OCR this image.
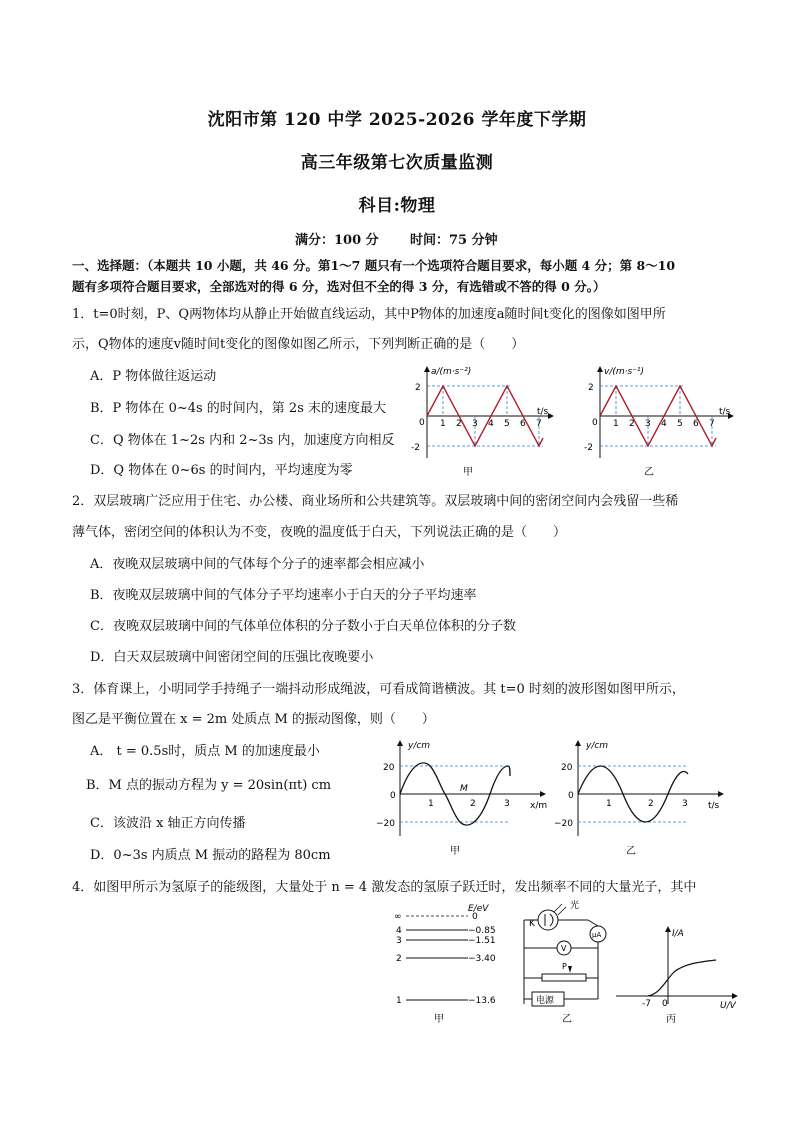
沈阳市第 120 中学 2025-2026 学年度下学期
高三年级第七次质量监测
科目:物理
满分：100 分 时间：75 分钟
一、选择题：（本题共 10 小题，共 46 分。第1～7 题只有一个选项符合题目要求，每小题 4 分；第 8～10
题有多项符合题目要求，全部选对的得 6 分，选对但不全的得 3 分，有选错或不答的得 0 分。）
1．t=0时刻，P、Q两物体均从静止开始做直线运动，其中P物体的加速度a随时间t变化的图像如图甲所
示，Q物体的速度v随时间t变化的图像如图乙所示，下列判断正确的是（　　）
A．P 物体做往返运动
B．P 物体在 0~4s 的时间内，第 2s 末的速度最大
C．Q 物体在 1~2s 内和 2~3s 内，加速度方向相反
D．Q 物体在 0~6s 的时间内，平均速度为零
a/(m·s⁻²)
t/s
2
-2
0 1 2 3 4 5 6 7
甲
v/(m·s⁻¹)
t/s
2
-2
0 1 2 3 4 5 6 7
乙
2．双层玻璃广泛应用于住宅、办公楼、商业场所和公共建筑等。双层玻璃中间的密闭空间内会残留一些稀
薄气体，密闭空间的体积认为不变，夜晚的温度低于白天，下列说法正确的是（　　）
A．夜晚双层玻璃中间的气体每个分子的速率都会相应减小
B．夜晚双层玻璃中间的气体分子平均速率小于白天的分子平均速率
C．夜晚双层玻璃中间的气体单位体积的分子数小于白天单位体积的分子数
D．白天双层玻璃中间密闭空间的压强比夜晚要小
3．体育课上，小明同学手持绳子一端抖动形成绳波，可看成简谐横波。其 t=0 时刻的波形图如图甲所示，
图乙是平衡位置在 x = 2m 处质点 M 的振动图像，则（　　）
A． t = 0.5s时，质点 M 的加速度最小
B．M 点的振动方程为 y = 20sin(πt) cm
C．该波沿 x 轴正方向传播
D．0~3s 内质点 M 振动的路程为 80cm
y/cm
x/m
20
−20
0
1	2	3
M
甲
y/cm
t/s
20
−20
0
1	2	3
乙
4．如图甲所示为氢原子的能级图，大量处于 n = 4 激发态的氢原子跃迁时，发出频率不同的大量光子，其中
E/eV
∞	0
4	−0.85
3	−1.51
2	−3.40
1	−13.6
甲
光
K
μA
V
P
电源
乙
I/A
U/V
-7 0
丙
